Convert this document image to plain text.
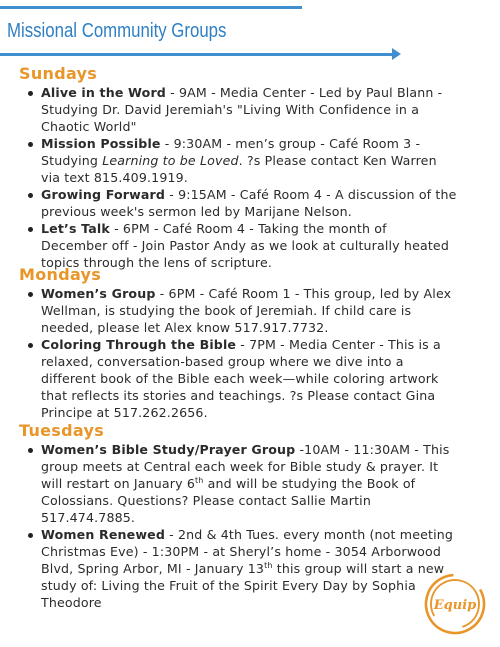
Missional Community Groups
Sundays
Alive in the Word - 9AM - Media Center - Led by Paul Blann - Studying Dr. David Jeremiah's "Living With Confidence in a Chaotic World"
Mission Possible - 9:30AM - men’s group - Café Room 3 - Studying Learning to be Loved. ?s Please contact Ken Warren via text 815.409.1919.
Growing Forward - 9:15AM - Café Room 4 - A discussion of the previous week's sermon led by Marijane Nelson.
Let’s Talk - 6PM - Café Room 4 - Taking the month of December off - Join Pastor Andy as we look at culturally heated topics through the lens of scripture.
Mondays
Women’s Group - 6PM - Café Room 1 - This group, led by Alex Wellman, is studying the book of Jeremiah. If child care is needed, please let Alex know 517.917.7732.
Coloring Through the Bible - 7PM - Media Center - This is a relaxed, conversation-based group where we dive into a different book of the Bible each week—while coloring artwork that reflects its stories and teachings. ?s Please contact Gina Principe at 517.262.2656.
Tuesdays
Women’s Bible Study/Prayer Group -10AM - 11:30AM - This group meets at Central each week for Bible study & prayer. It will restart on January 6th and will be studying the Book of Colossians. Questions? Please contact Sallie Martin 517.474.7885.
Women Renewed - 2nd & 4th Tues. every month (not meeting Christmas Eve) - 1:30PM - at Sheryl’s home - 3054 Arborwood Blvd, Spring Arbor, MI - January 13th this group will start a new study of: Living the Fruit of the Spirit Every Day by Sophia Theodore	Equip
